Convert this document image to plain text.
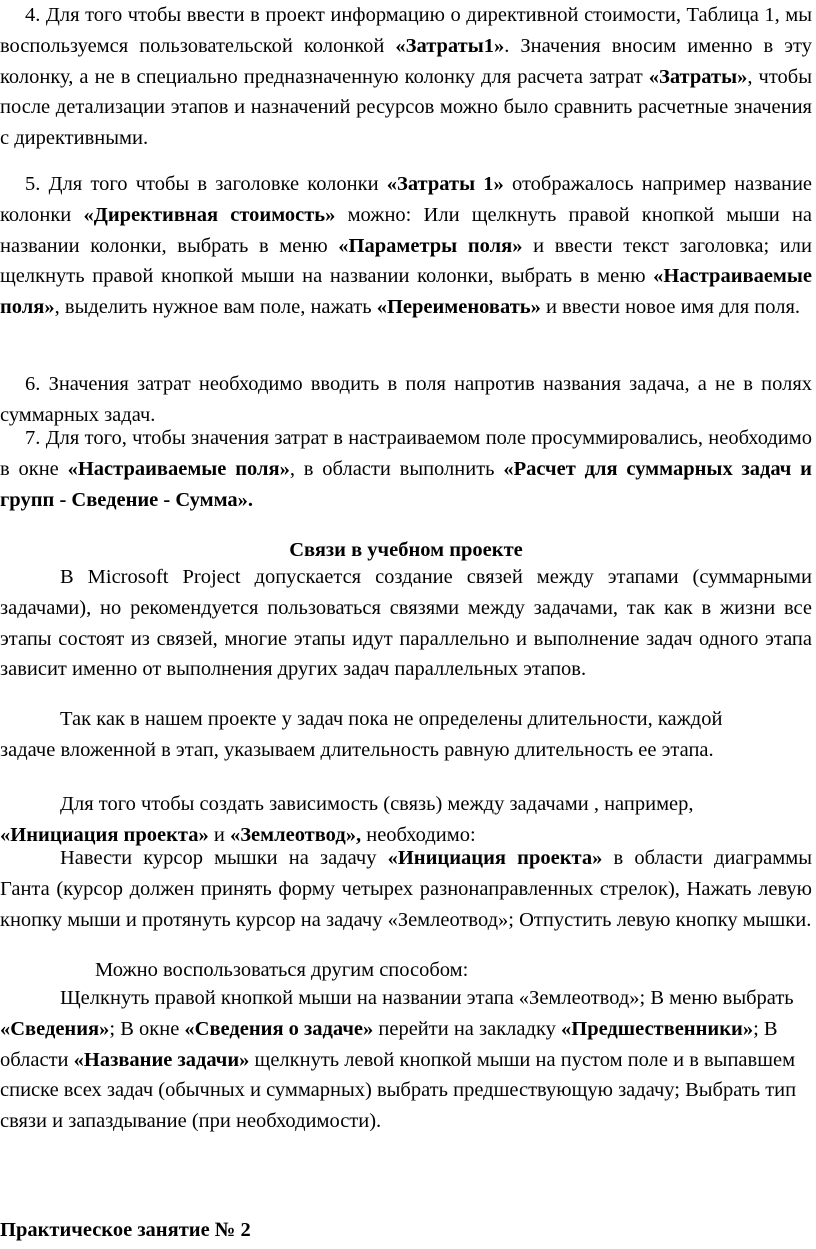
4. Для того чтобы ввести в проект информацию о директивной стоимости, Таблица 1, мы воспользуемся пользовательской колонкой «Затраты1». Значения вносим именно в эту колонку, а не в специально предназначенную колонку для расчета затрат «Затраты», чтобы после детализации этапов и назначений ресурсов можно было сравнить расчетные значения с директивными.

5. Для того чтобы в заголовке колонки «Затраты 1» отображалось например название колонки «Директивная стоимость» можно: Или щелкнуть правой кнопкой мыши на названии колонки, выбрать в меню «Параметры поля» и ввести текст заголовка; или щелкнуть правой кнопкой мыши на названии колонки, выбрать в меню «Настраиваемые поля», выделить нужное вам поле, нажать «Переименовать» и ввести новое имя для поля.

6. Значения затрат необходимо вводить в поля напротив названия задача, а не в полях суммарных задач.

7. Для того, чтобы значения затрат в настраиваемом поле просуммировались, необходимо в окне «Настраиваемые поля», в области выполнить «Расчет для суммарных задач и групп - Сведение - Сумма».

Связи в учебном проекте

В Microsoft Project допускается создание связей между этапами (суммарными задачами), но рекомендуется пользоваться связями между задачами, так как в жизни все этапы состоят из связей, многие этапы идут параллельно и выполнение задач одного этапа зависит именно от выполнения других задач параллельных этапов.

Так как в нашем проекте у задач пока не определены длительности, каждой задаче вложенной в этап, указываем длительность равную длительность ее этапа.

Для того чтобы создать зависимость (связь) между задачами , например, «Инициация проекта» и «Землеотвод», необходимо:

Навести курсор мышки на задачу «Инициация проекта» в области диаграммы Ганта (курсор должен принять форму четырех разнонаправленных стрелок), Нажать левую кнопку мыши и протянуть курсор на задачу «Землеотвод»; Отпустить левую кнопку мышки.

Можно воспользоваться другим способом:

Щелкнуть правой кнопкой мыши на названии этапа «Землеотвод»; В меню выбрать «Сведения»; В окне «Сведения о задаче» перейти на закладку «Предшественники»; В области «Название задачи» щелкнуть левой кнопкой мыши на пустом поле и в выпавшем списке всех задач (обычных и суммарных) выбрать предшествующую задачу; Выбрать тип связи и запаздывание (при необходимости).

Практическое занятие № 2
